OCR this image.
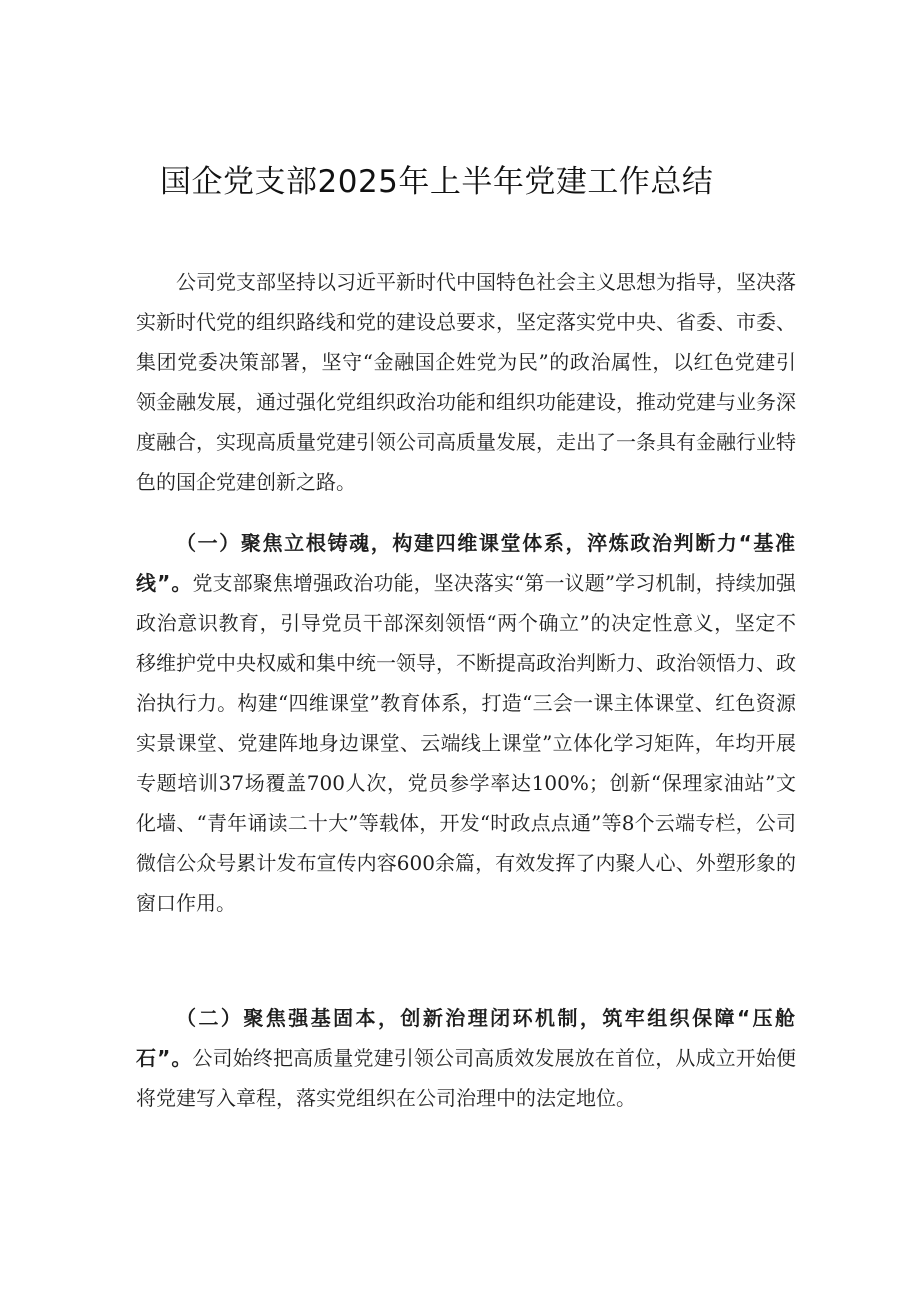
国企党支部2025年上半年党建工作总结

公司党支部坚持以习近平新时代中国特色社会主义思想为指导，坚决落实新时代党的组织路线和党的建设总要求，坚定落实党中央、省委、市委、集团党委决策部署，坚守“金融国企姓党为民”的政治属性，以红色党建引领金融发展，通过强化党组织政治功能和组织功能建设，推动党建与业务深度融合，实现高质量党建引领公司高质量发展，走出了一条具有金融行业特色的国企党建创新之路。

（一）聚焦立根铸魂，构建四维课堂体系，淬炼政治判断力“基准线”。党支部聚焦增强政治功能，坚决落实“第一议题”学习机制，持续加强政治意识教育，引导党员干部深刻领悟“两个确立”的决定性意义，坚定不移维护党中央权威和集中统一领导，不断提高政治判断力、政治领悟力、政治执行力。构建“四维课堂”教育体系，打造“三会一课主体课堂、红色资源实景课堂、党建阵地身边课堂、云端线上课堂”立体化学习矩阵，年均开展专题培训37场覆盖700人次，党员参学率达100%；创新“保理家油站”文化墙、“青年诵读二十大”等载体，开发“时政点点通”等8个云端专栏，公司微信公众号累计发布宣传内容600余篇，有效发挥了内聚人心、外塑形象的窗口作用。

（二）聚焦强基固本，创新治理闭环机制，筑牢组织保障“压舱石”。公司始终把高质量党建引领公司高质效发展放在首位，从成立开始便将党建写入章程，落实党组织在公司治理中的法定地位。
